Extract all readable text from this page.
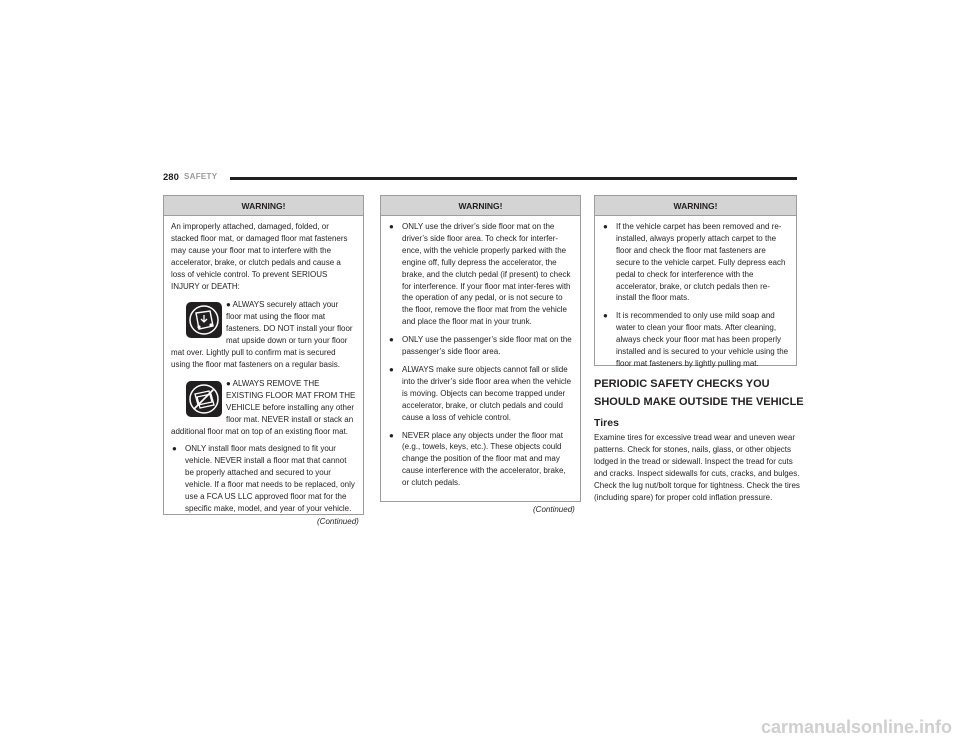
280 SAFETY
WARNING!

An improperly attached, damaged, folded, or stacked floor mat, or damaged floor mat fasteners may cause your floor mat to interfere with the accelerator, brake, or clutch pedals and cause a loss of vehicle control. To prevent SERIOUS INJURY or DEATH:

● ALWAYS securely attach your floor mat using the floor mat fasteners. DO NOT install your floor mat upside down or turn your floor mat over. Lightly pull to confirm mat is secured using the floor mat fasteners on a regular basis.

● ALWAYS REMOVE THE EXISTING FLOOR MAT FROM THE VEHICLE before installing any other floor mat. NEVER install or stack an additional floor mat on top of an existing floor mat.

● ONLY install floor mats designed to fit your vehicle. NEVER install a floor mat that cannot be properly attached and secured to your vehicle. If a floor mat needs to be replaced, only use a FCA US LLC approved floor mat for the specific make, model, and year of your vehicle.
(Continued)
WARNING!
● ONLY use the driver’s side floor mat on the driver’s side floor area. To check for interfer-ence, with the vehicle properly parked with the engine off, fully depress the accelerator, the brake, and the clutch pedal (if present) to check for interference. If your floor mat inter-feres with the operation of any pedal, or is not secure to the floor, remove the floor mat from the vehicle and place the floor mat in your trunk.
● ONLY use the passenger’s side floor mat on the passenger’s side floor area.
● ALWAYS make sure objects cannot fall or slide into the driver’s side floor area when the vehicle is moving. Objects can become trapped under accelerator, brake, or clutch pedals and could cause a loss of vehicle control.
● NEVER place any objects under the floor mat (e.g., towels, keys, etc.). These objects could change the position of the floor mat and may cause interference with the accelerator, brake, or clutch pedals.
(Continued)
WARNING!
● If the vehicle carpet has been removed and re-installed, always properly attach carpet to the floor and check the floor mat fasteners are secure to the vehicle carpet. Fully depress each pedal to check for interference with the accelerator, brake, or clutch pedals then re-install the floor mats.
● It is recommended to only use mild soap and water to clean your floor mats. After cleaning, always check your floor mat has been properly installed and is secured to your vehicle using the floor mat fasteners by lightly pulling mat.
PERIODIC SAFETY CHECKS YOU SHOULD MAKE OUTSIDE THE VEHICLE
Tires

Examine tires for excessive tread wear and uneven wear patterns. Check for stones, nails, glass, or other objects lodged in the tread or sidewall. Inspect the tread for cuts and cracks. Inspect sidewalls for cuts, cracks, and bulges. Check the lug nut/bolt torque for tightness. Check the tires (including spare) for proper cold inflation pressure.

carmanualsonline.info
